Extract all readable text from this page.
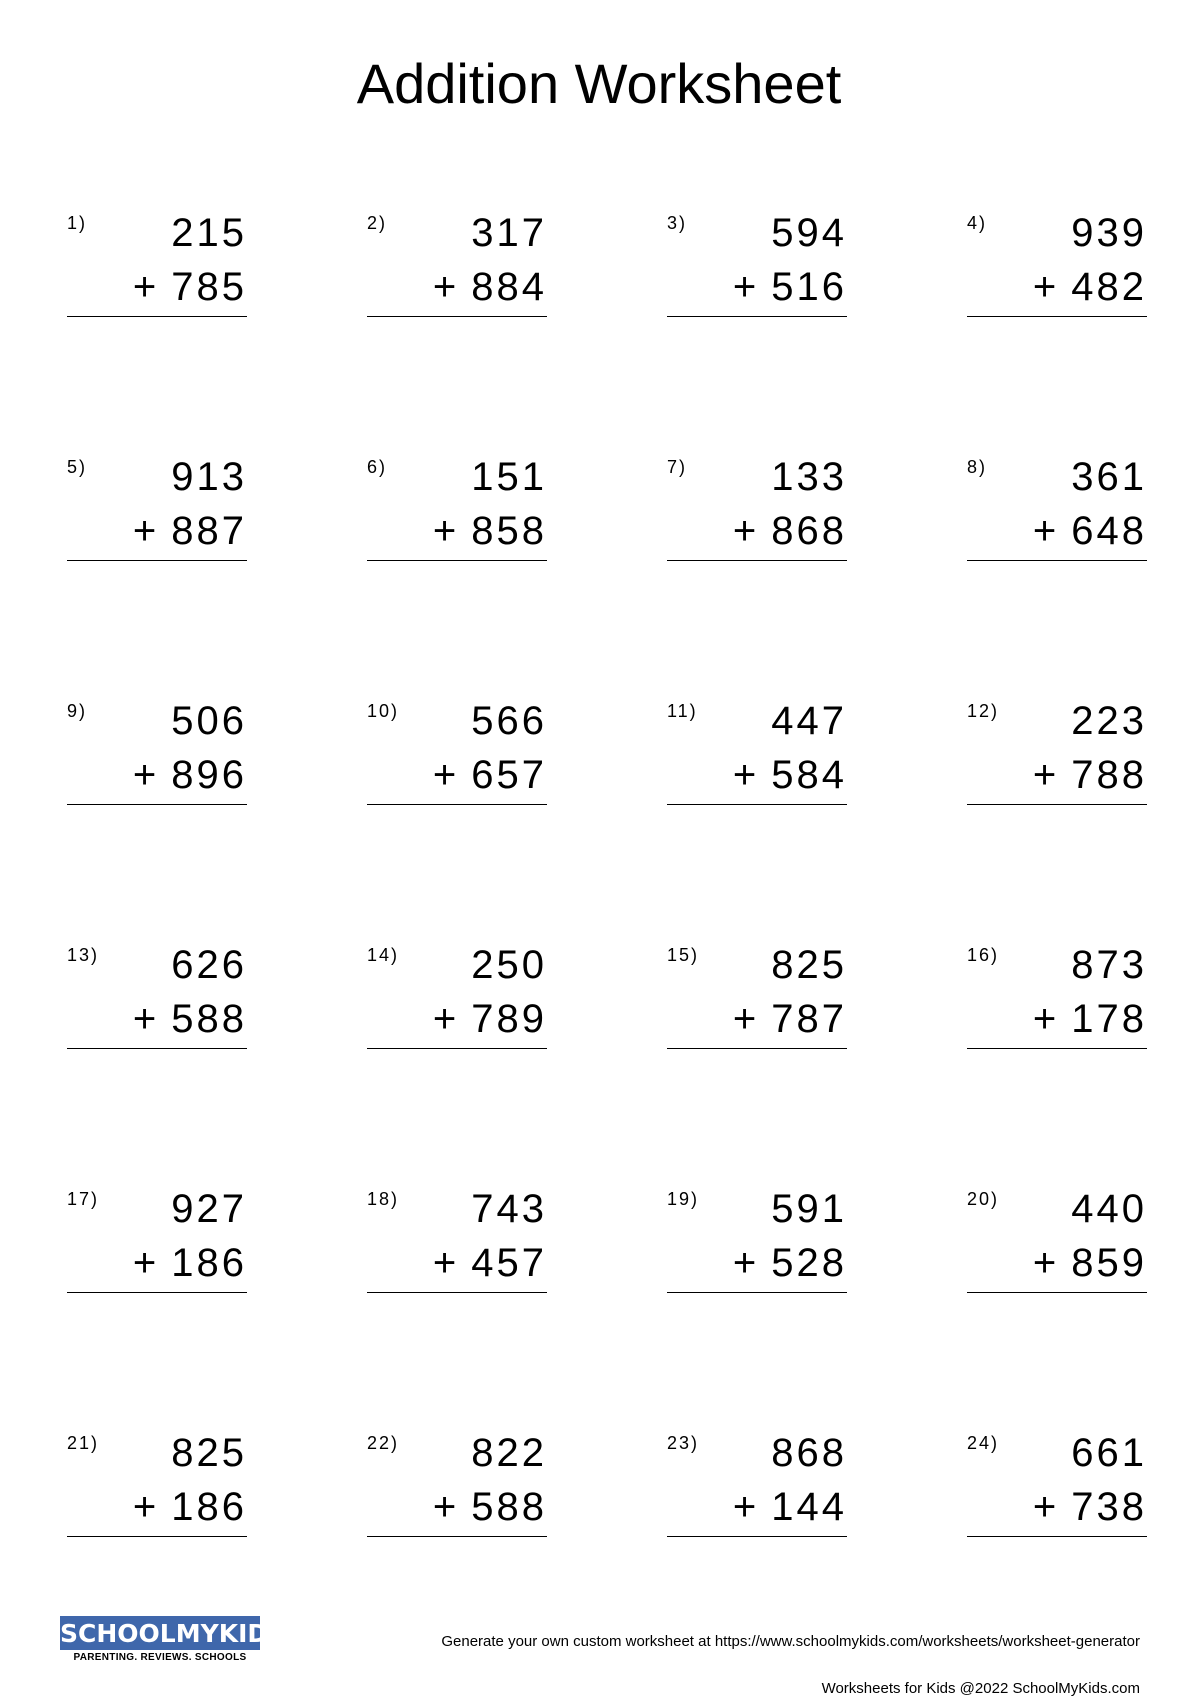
Addition Worksheet
1) 215
+ 785
2) 317
+ 884
3) 594
+ 516
4) 939
+ 482
5) 913
+ 887
6) 151
+ 858
7) 133
+ 868
8) 361
+ 648
9) 506
+ 896
10) 566
+ 657
11) 447
+ 584
12) 223
+ 788
13) 626
+ 588
14) 250
+ 789
15) 825
+ 787
16) 873
+ 178
17) 927
+ 186
18) 743
+ 457
19) 591
+ 528
20) 440
+ 859
21) 825
+ 186
22) 822
+ 588
23) 868
+ 144
24) 661
+ 738
SCHOOLMYKIDS
PARENTING. REVIEWS. SCHOOLS
Generate your own custom worksheet at https://www.schoolmykids.com/worksheets/worksheet-generator
Worksheets for Kids @2022 SchoolMyKids.com
